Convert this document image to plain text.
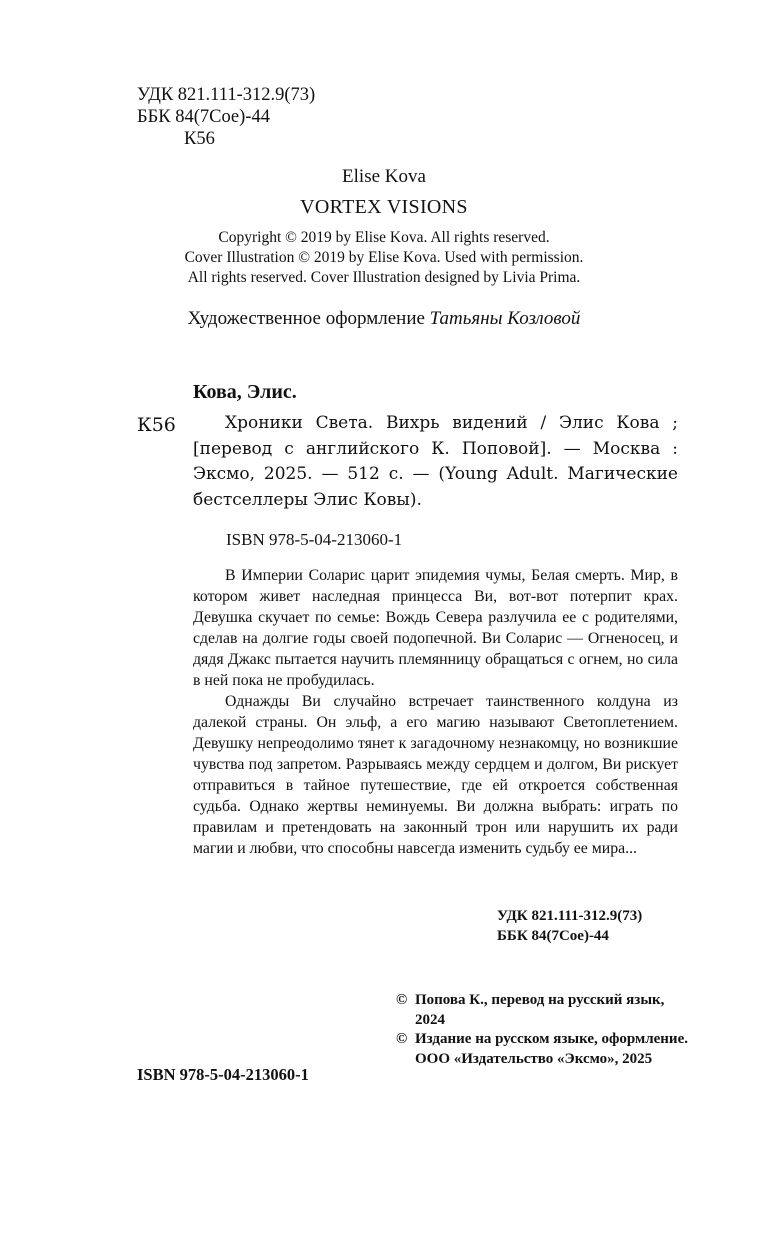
УДК 821.111-312.9(73)
ББК 84(7Сое)-44
К56
Elise Kova
VORTEX VISIONS
Copyright © 2019 by Elise Kova. All rights reserved.
Cover Illustration © 2019 by Elise Kova. Used with permission.
All rights reserved. Cover Illustration designed by Livia Prima.
Художественное оформление Татьяны Козловой
Кова, Элис.
К56	Хроники Света. Вихрь видений / Элис Кова ; [перевод с английского К. Поповой]. — Москва : Эксмо, 2025. — 512 с. — (Young Adult. Магические бестселлеры Элис Ковы).
ISBN 978-5-04-213060-1

В Империи Соларис царит эпидемия чумы, Белая смерть. Мир, в котором живет наследная принцесса Ви, вот-вот потерпит крах. Девушка скучает по семье: Вождь Севера разлучила ее с родителями, сделав на долгие годы своей подопечной. Ви Соларис — Огненосец, и дядя Джакс пытается научить племянницу обращаться с огнем, но сила в ней пока не пробудилась.

Однажды Ви случайно встречает таинственного колдуна из далекой страны. Он эльф, а его магию называют Светоплетением. Девушку непреодолимо тянет к загадочному незнакомцу, но возникшие чувства под запретом. Разрываясь между сердцем и долгом, Ви рискует отправиться в тайное путешествие, где ей откроется собственная судьба. Однако жертвы неминуемы. Ви должна выбрать: играть по правилам и претендовать на законный трон или нарушить их ради магии и любви, что способны навсегда изменить судьбу ее мира...

УДК 821.111-312.9(73)
ББК 84(7Сое)-44
© Попова К., перевод на русский язык, 2024
© Издание на русском языке, оформление. ООО «Издательство «Эксмо», 2025
ISBN 978-5-04-213060-1
